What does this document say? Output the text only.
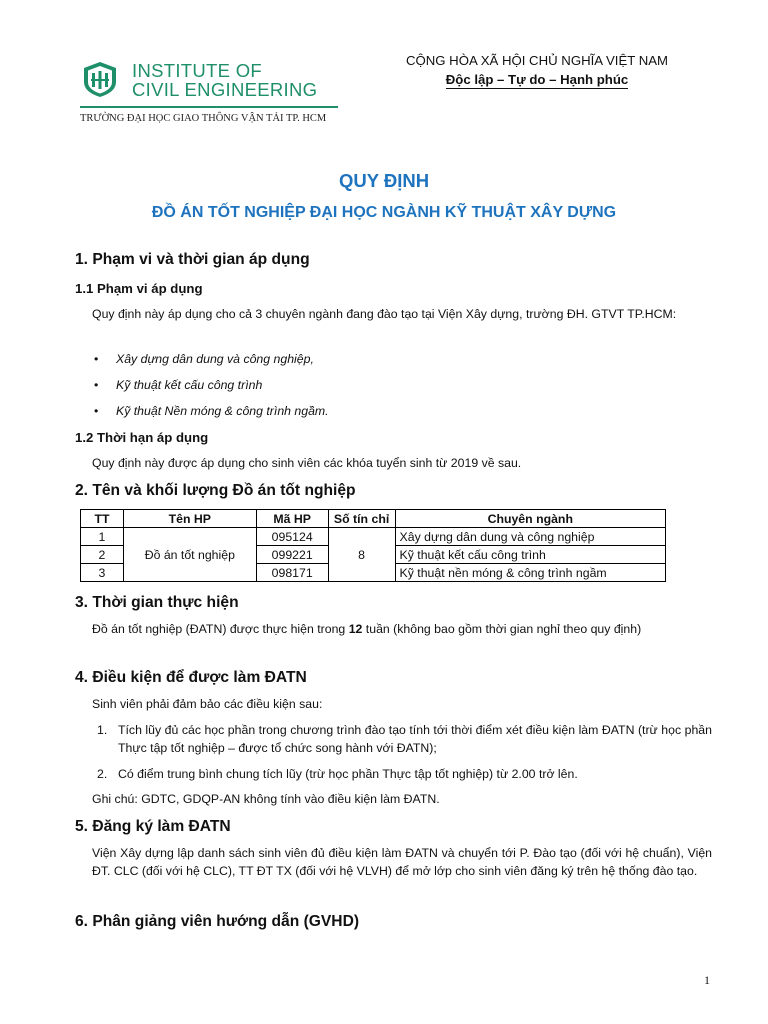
INSTITUTE OF
CIVIL ENGINEERING
TRƯỜNG ĐẠI HỌC GIAO THÔNG VẬN TẢI TP. HCM
CỘNG HÒA XÃ HỘI CHỦ NGHĨA VIỆT NAM
Độc lập – Tự do – Hạnh phúc
QUY ĐỊNH
ĐỒ ÁN TỐT NGHIỆP ĐẠI HỌC NGÀNH KỸ THUẬT XÂY DỰNG
1. Phạm vi và thời gian áp dụng
1.1 Phạm vi áp dụng
Quy định này áp dụng cho cả 3 chuyên ngành đang đào tạo tại Viện Xây dựng, trường ĐH. GTVT TP.HCM:
• Xây dựng dân dung và công nghiệp,
• Kỹ thuật kết cấu công trình
• Kỹ thuật Nền móng & công trình ngầm.
1.2 Thời hạn áp dụng
Quy định này được áp dụng cho sinh viên các khóa tuyển sinh từ 2019 về sau.
2. Tên và khối lượng Đồ án tốt nghiệp
TT	Tên HP	Mã HP	Số tín chỉ	Chuyên ngành
1	Đồ án tốt nghiệp	095124	8	Xây dựng dân dung và công nghiệp
2		099221		Kỹ thuật kết cấu công trình
3		098171		Kỹ thuật nền móng & công trình ngầm
3. Thời gian thực hiện
Đồ án tốt nghiệp (ĐATN) được thực hiện trong 12 tuần (không bao gồm thời gian nghỉ theo quy định)
4. Điều kiện để được làm ĐATN
Sinh viên phải đảm bảo các điều kiện sau:
1. Tích lũy đủ các học phần trong chương trình đào tạo tính tới thời điểm xét điều kiện làm ĐATN (trừ học phần Thực tập tốt nghiệp – được tổ chức song hành với ĐATN);
2. Có điểm trung bình chung tích lũy (trừ học phần Thực tập tốt nghiệp) từ 2.00 trở lên.
Ghi chú: GDTC, GDQP-AN không tính vào điều kiện làm ĐATN.
5. Đăng ký làm ĐATN
Viện Xây dựng lập danh sách sinh viên đủ điều kiện làm ĐATN và chuyển tới P. Đào tạo (đối với hệ chuẩn), Viện ĐT. CLC (đối với hệ CLC), TT ĐT TX (đối với hệ VLVH) để mở lớp cho sinh viên đăng ký trên hệ thống đào tạo.
6. Phân giảng viên hướng dẫn (GVHD)
1
